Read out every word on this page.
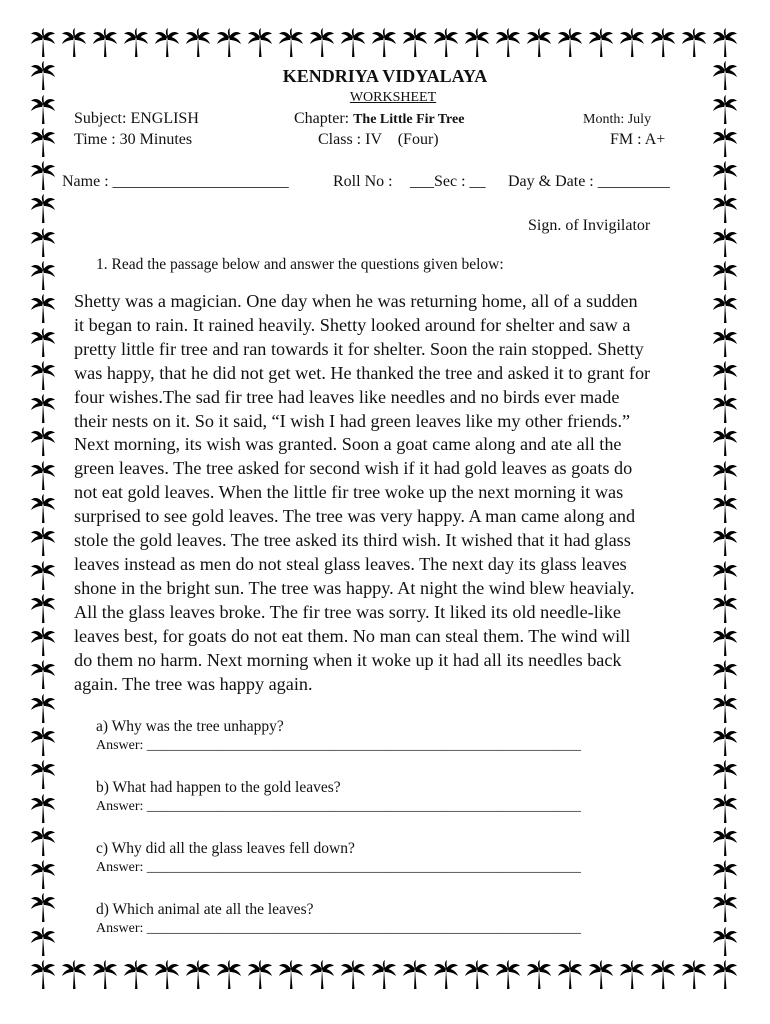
KENDRIYA VIDYALAYA
WORKSHEET
Subject: ENGLISH	Chapter: The Little Fir Tree	Month: July
Time : 30 Minutes	Class : IV    (Four)	FM : A+
Name : ______________________	Roll No : ___Sec : __ Day & Date : _________
Sign. of Invigilator
1. Read the passage below and answer the questions given below:
Shetty was a magician. One day when he was returning home, all of a sudden
it began to rain. It rained heavily. Shetty looked around for shelter and saw a
pretty little fir tree and ran towards it for shelter. Soon the rain stopped. Shetty
was happy, that he did not get wet. He thanked the tree and asked it to grant for
four wishes.The sad fir tree had leaves like needles and no birds ever made
their nests on it. So it said, “I wish I had green leaves like my other friends.”
Next morning, its wish was granted. Soon a goat came along and ate all the
green leaves. The tree asked for second wish if it had gold leaves as goats do
not eat gold leaves. When the little fir tree woke up the next morning it was
surprised to see gold leaves. The tree was very happy. A man came along and
stole the gold leaves. The tree asked its third wish. It wished that it had glass
leaves instead as men do not steal glass leaves. The next day its glass leaves
shone in the bright sun. The tree was happy. At night the wind blew heavialy.
All the glass leaves broke. The fir tree was sorry. It liked its old needle-like
leaves best, for goats do not eat them. No man can steal them. The wind will
do them no harm. Next morning when it woke up it had all its needles back
again. The tree was happy again.
a) Why was the tree unhappy?
Answer: ______________________________________________________________
b) What had happen to the gold leaves?
Answer: ______________________________________________________________
c) Why did all the glass leaves fell down?
Answer: ______________________________________________________________
d) Which animal ate all the leaves?
Answer: ______________________________________________________________
